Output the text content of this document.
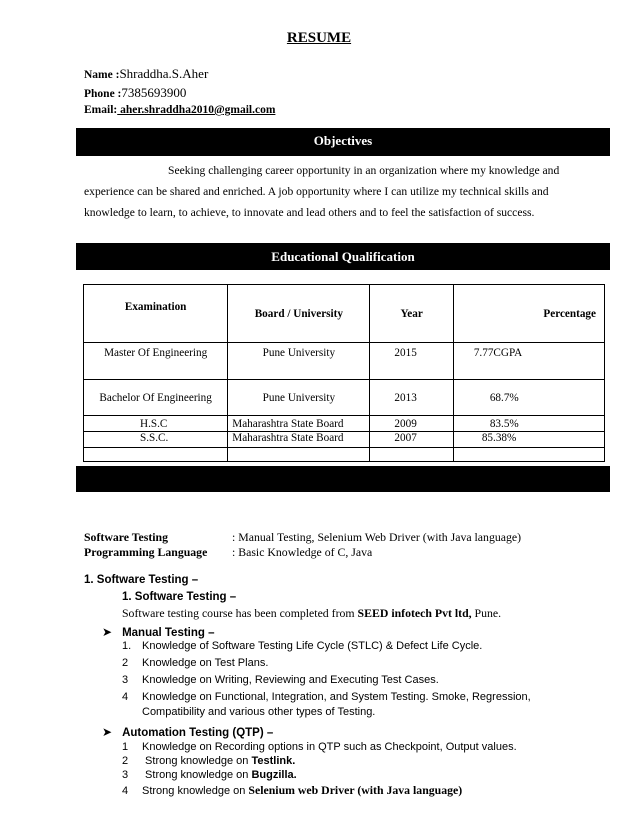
RESUME
Name :Shraddha.S.Aher
Phone :7385693900
Email: aher.shraddha2010@gmail.com
Objectives
Seeking challenging career opportunity in an organization where my knowledge and
experience can be shared and enriched. A job opportunity where I can utilize my technical skills and
knowledge to learn, to achieve, to innovate and lead others and to feel the satisfaction of success.
Educational Qualification
Examination	Board / University	Year	Percentage
Master Of Engineering	Pune University	2015	7.77CGPA
Bachelor Of Engineering	Pune University	2013	68.7%
H.S.C	Maharashtra State Board	2009	83.5%
S.S.C.	Maharashtra State Board	2007	85.38%

Software Testing	: Manual Testing, Selenium Web Driver (with Java language)
Programming Language : Basic Knowledge of C, Java
1. Software Testing –
1. Software Testing –
Software testing course has been completed from SEED infotech Pvt ltd, Pune.
➤ Manual Testing –
1. Knowledge of Software Testing Life Cycle (STLC) & Defect Life Cycle.
2 Knowledge on Test Plans.
3 Knowledge on Writing, Reviewing and Executing Test Cases.
4 Knowledge on Functional, Integration, and System Testing. Smoke, Regression,
Compatibility and various other types of Testing.
➤ Automation Testing (QTP) –
1 Knowledge on Recording options in QTP such as Checkpoint, Output values.
2 Strong knowledge on Testlink.
3 Strong knowledge on Bugzilla.
4 Strong knowledge on Selenium web Driver (with Java language)
